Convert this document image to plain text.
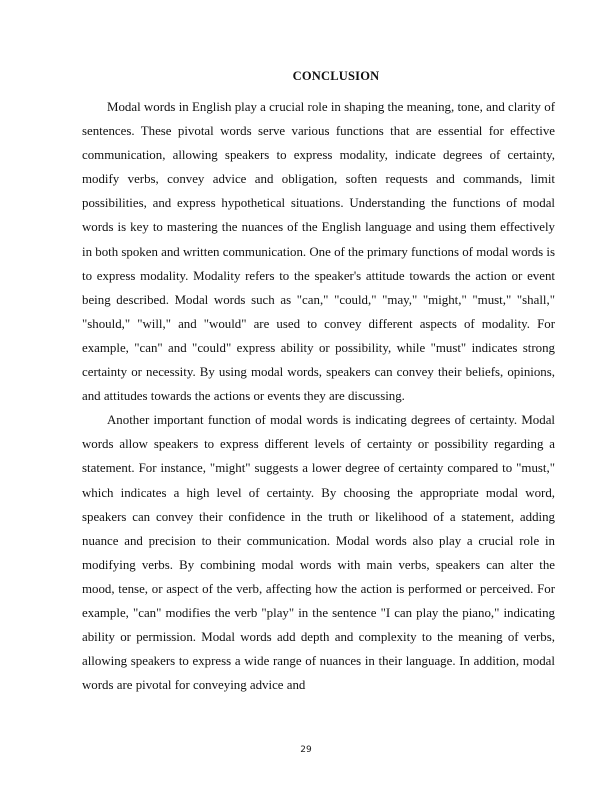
CONCLUSION

Modal words in English play a crucial role in shaping the meaning, tone, and clarity of sentences. These pivotal words serve various functions that are essential for effective communication, allowing speakers to express modality, indicate degrees of certainty, modify verbs, convey advice and obligation, soften requests and commands, limit possibilities, and express hypothetical situations. Understanding the functions of modal words is key to mastering the nuances of the English language and using them effectively in both spoken and written communication. One of the primary functions of modal words is to express modality. Modality refers to the speaker's attitude towards the action or event being described. Modal words such as "can," "could," "may," "might," "must," "shall," "should," "will," and "would" are used to convey different aspects of modality. For example, "can" and "could" express ability or possibility, while "must" indicates strong certainty or necessity. By using modal words, speakers can convey their beliefs, opinions, and attitudes towards the actions or events they are discussing.

Another important function of modal words is indicating degrees of certainty. Modal words allow speakers to express different levels of certainty or possibility regarding a statement. For instance, "might" suggests a lower degree of certainty compared to "must," which indicates a high level of certainty. By choosing the appropriate modal word, speakers can convey their confidence in the truth or likelihood of a statement, adding nuance and precision to their communication. Modal words also play a crucial role in modifying verbs. By combining modal words with main verbs, speakers can alter the mood, tense, or aspect of the verb, affecting how the action is performed or perceived. For example, "can" modifies the verb "play" in the sentence "I can play the piano," indicating ability or permission. Modal words add depth and complexity to the meaning of verbs, allowing speakers to express a wide range of nuances in their language. In addition, modal words are pivotal for conveying advice and

29
